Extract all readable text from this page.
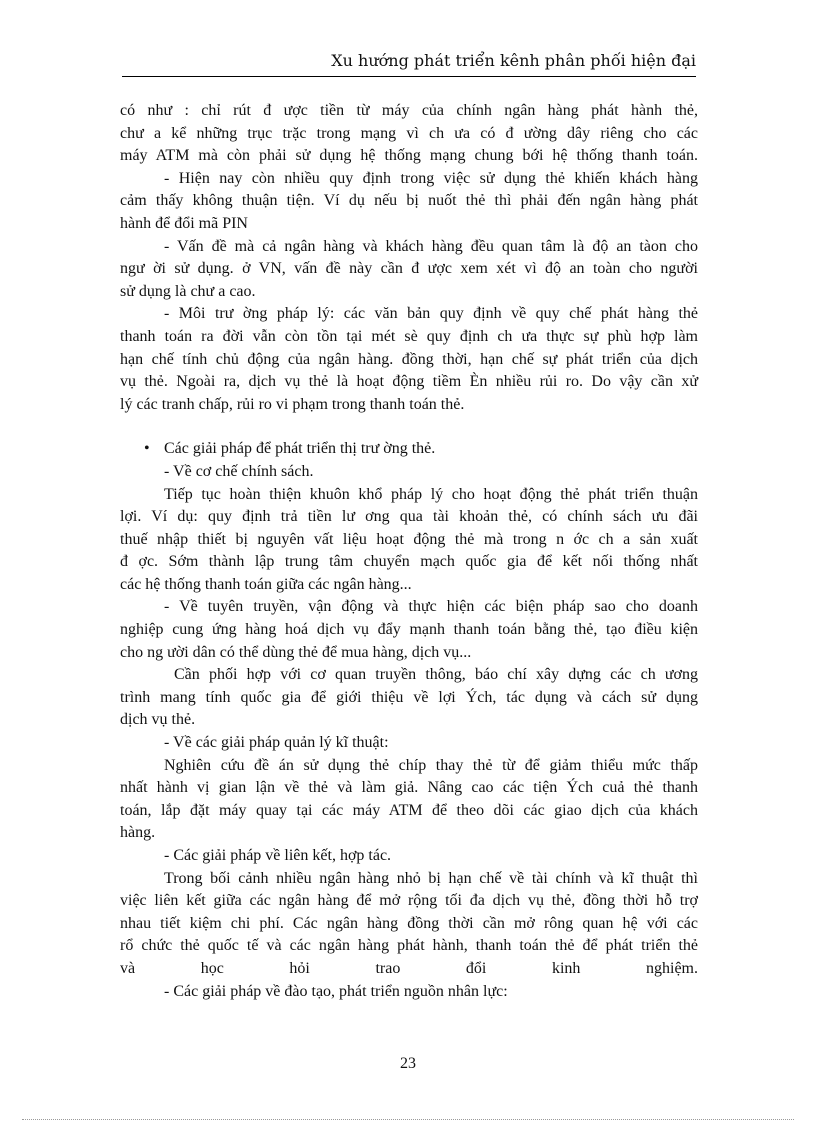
Xu hướng phát triển kênh phân phối hiện đại
có như : chỉ rút đ ược tiền từ máy của chính ngân hàng phát hành thẻ,
chư a kể những trục trặc trong mạng vì ch ưa có đ ường dây riêng cho các
máy ATM mà còn phải sử dụng hệ thống mạng chung bới hệ thống thanh toán.
- Hiện nay còn nhiều quy định trong việc sử dụng thẻ khiến khách hàng
cảm thấy không thuận tiện. Ví dụ nếu bị nuốt thẻ thì phải đến ngân hàng phát
hành để đổi mã PIN
- Vấn đề mà cả ngân hàng và khách hàng đều quan tâm là độ an tàon cho
ngư ời sử dụng. ở VN, vấn đề này cần đ ược xem xét vì độ an toàn cho người
sử dụng là chư a cao.
- Môi trư ờng pháp lý: các văn bản quy định về quy chế phát hàng thẻ
thanh toán ra đời vẫn còn tồn tại mét sè quy định ch ưa thực sự phù hợp làm
hạn chế tính chủ động của ngân hàng. đồng thời, hạn chế sự phát triển của dịch
vụ thẻ. Ngoài ra, dịch vụ thẻ là hoạt động tiềm Èn nhiều rủi ro. Do vậy cần xử
lý các tranh chấp, rủi ro vi phạm trong thanh toán thẻ.
• Các giải pháp để phát triển thị trư ờng thẻ.
- Về cơ chế chính sách.
Tiếp tục hoàn thiện khuôn khổ pháp lý cho hoạt động thẻ phát triển thuận
lợi. Ví dụ: quy định trả tiền lư ơng qua tài khoản thẻ, có chính sách ưu đãi
thuế nhập thiết bị nguyên vất liệu hoạt động thẻ mà trong n ớc ch a sản xuất
đ ợc. Sớm thành lập trung tâm chuyển mạch quốc gia để kết nối thống nhất
các hệ thống thanh toán giữa các ngân hàng...
- Về tuyên truyền, vận động và thực hiện các biện pháp sao cho doanh
nghiệp cung ứng hàng hoá dịch vụ đẩy mạnh thanh toán bằng thẻ, tạo điều kiện
cho ng ười dân có thể dùng thẻ để mua hàng, dịch vụ...
Cần phối hợp với cơ quan truyền thông, báo chí xây dựng các ch ương
trình mang tính quốc gia để giới thiệu về lợi Ých, tác dụng và cách sử dụng
dịch vụ thẻ.
- Về các giải pháp quản lý kĩ thuật:
Nghiên cứu đề án sử dụng thẻ chíp thay thẻ từ để giảm thiểu mức thấp
nhất hành vị gian lận về thẻ và làm giả. Nâng cao các tiện Ých cuả thẻ thanh
toán, lắp đặt máy quay tại các máy ATM để theo dõi các giao dịch của khách
hàng.
- Các giải pháp về liên kết, hợp tác.
Trong bối cảnh nhiều ngân hàng nhỏ bị hạn chế về tài chính và kĩ thuật thì
việc liên kết giữa các ngân hàng để mở rộng tối đa dịch vụ thẻ, đồng thời hỗ trợ
nhau tiết kiệm chi phí. Các ngân hàng đồng thời cần mở rông quan hệ với các
rổ chức thẻ quốc tế và các ngân hàng phát hành, thanh toán thẻ để phát triển thẻ
và học hỏi trao đổi kinh nghiệm.
- Các giải pháp về đào tạo, phát triển nguồn nhân lực:
23
